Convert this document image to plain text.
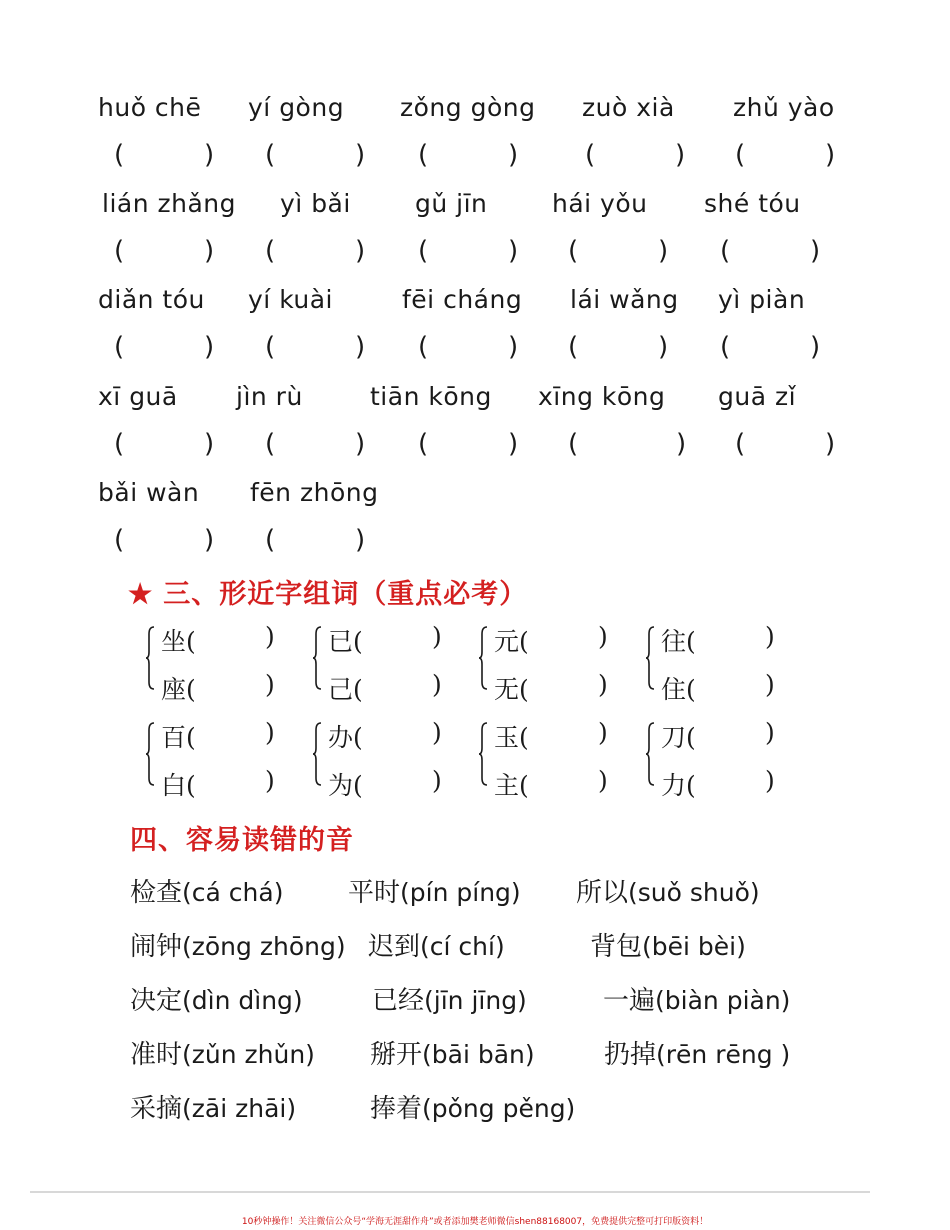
huǒ chē yí gòng zǒng gòng zuò xià zhǔ yào
(	) (	) (	)	(	) (	)
lián zhǎng yì bǎi	gǔ jīn	hái yǒu shé tóu
(	) (	) (	) (	) (	)
diǎn tóu yí kuài	fēi cháng lái wǎng yì piàn
(	) (	) (	) (	) (	)
xī guā jìn rù	tiān kōng xīng kōng guā zǐ
(	) (	) (	) (	) (	)
bǎi wàn fēn zhōng
(	) (	)
★ 三、形近字组词（重点必考）
坐(	)
座(	)
已(	)
己(	)
元(	)
无(	)
往(	)
住(	)
百(	)
白(	)
办(	)
为(	)
玉(	)
主(	)
刀(	)
力(	)
四、容易读错的音
检查(cá chá) 平时(pín píng) 所以(suǒ shuǒ)
闹钟(zōng zhōng) 迟到(cí chí)	背包(bēi bèi)
决定(dìn dìng)	已经(jīn jīng)	一遍(biàn piàn)
准时(zǔn zhǔn) 掰开(bāi bān)	扔掉(rēn rēng )
采摘(zāi zhāi)	捧着(pǒng pěng)
10秒钟操作！关注微信公众号“学海无涯甜作舟”或者添加樊老师微信shen88168007，免费提供完整可打印版资料！
